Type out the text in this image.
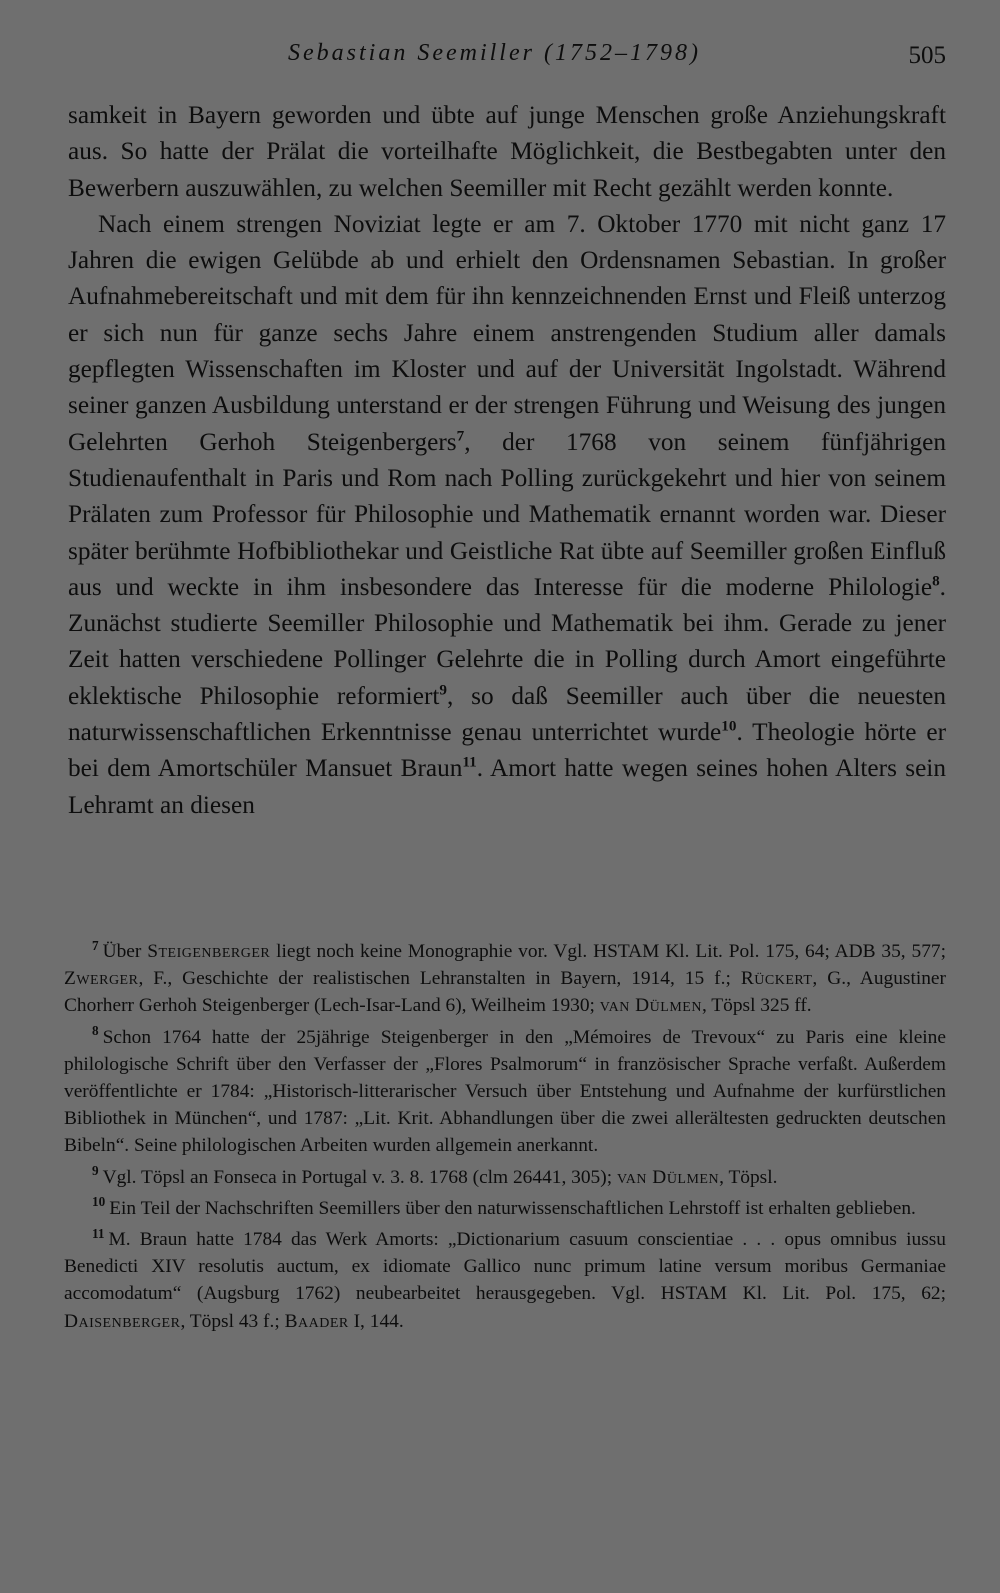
Sebastian Seemiller (1752–1798)	505

samkeit in Bayern geworden und übte auf junge Menschen große Anziehungskraft aus. So hatte der Prälat die vorteilhafte Möglichkeit, die Bestbegabten unter den Bewerbern auszuwählen, zu welchen Seemiller mit Recht gezählt werden konnte.

Nach einem strengen Noviziat legte er am 7. Oktober 1770 mit nicht ganz 17 Jahren die ewigen Gelübde ab und erhielt den Ordensnamen Sebastian. In großer Aufnahmebereitschaft und mit dem für ihn kennzeichnenden Ernst und Fleiß unterzog er sich nun für ganze sechs Jahre einem anstrengenden Studium aller damals gepflegten Wissenschaften im Kloster und auf der Universität Ingolstadt. Während seiner ganzen Ausbildung unterstand er der strengen Führung und Weisung des jungen Gelehrten Gerhoh Steigenbergers$^7$, der 1768 von seinem fünfjährigen Studienaufenthalt in Paris und Rom nach Polling zurückgekehrt und hier von seinem Prälaten zum Professor für Philosophie und Mathematik ernannt worden war. Dieser später berühmte Hofbibliothekar und Geistliche Rat übte auf Seemiller großen Einfluß aus und weckte in ihm insbesondere das Interesse für die moderne Philologie$^8$. Zunächst studierte Seemiller Philosophie und Mathematik bei ihm. Gerade zu jener Zeit hatten verschiedene Pollinger Gelehrte die in Polling durch Amort eingeführte eklektische Philosophie reformiert$^9$, so daß Seemiller auch über die neuesten naturwissenschaftlichen Erkenntnisse genau unterrichtet wurde$^{10}$. Theologie hörte er bei dem Amortschüler Mansuet Braun$^{11}$. Amort hatte wegen seines hohen Alters sein Lehramt an diesen

$^7$ Über Steigenberger liegt noch keine Monographie vor. Vgl. HSTAM Kl. Lit. Pol. 175, 64; ADB 35, 577; Zwerger, F., Geschichte der realistischen Lehranstalten in Bayern, 1914, 15 f.; Rückert, G., Augustiner Chorherr Gerhoh Steigenberger (Lech-Isar-Land 6), Weilheim 1930; van Dülmen, Töpsl 325 ff.

$^8$ Schon 1764 hatte der 25jährige Steigenberger in den „Mémoires de Trevoux“ zu Paris eine kleine philologische Schrift über den Verfasser der „Flores Psalmorum“ in französischer Sprache verfaßt. Außerdem veröffentlichte er 1784: „Historisch-litterarischer Versuch über Entstehung und Aufnahme der kurfürstlichen Bibliothek in München“, und 1787: „Lit. Krit. Abhandlungen über die zwei allerältesten gedruckten deutschen Bibeln“. Seine philologischen Arbeiten wurden allgemein anerkannt.

$^9$ Vgl. Töpsl an Fonseca in Portugal v. 3. 8. 1768 (clm 26441, 305); van Dülmen, Töpsl.

$^{10}$ Ein Teil der Nachschriften Seemillers über den naturwissenschaftlichen Lehrstoff ist erhalten geblieben.

$^{11}$ M. Braun hatte 1784 das Werk Amorts: „Dictionarium casuum conscientiae . . . opus omnibus iussu Benedicti XIV resolutis auctum, ex idiomate Gallico nunc primum latine versum moribus Germaniae accomodatum“ (Augsburg 1762) neubearbeitet herausgegeben. Vgl. HSTAM Kl. Lit. Pol. 175, 62; Daisenberger, Töpsl 43 f.; Baader I, 144.
